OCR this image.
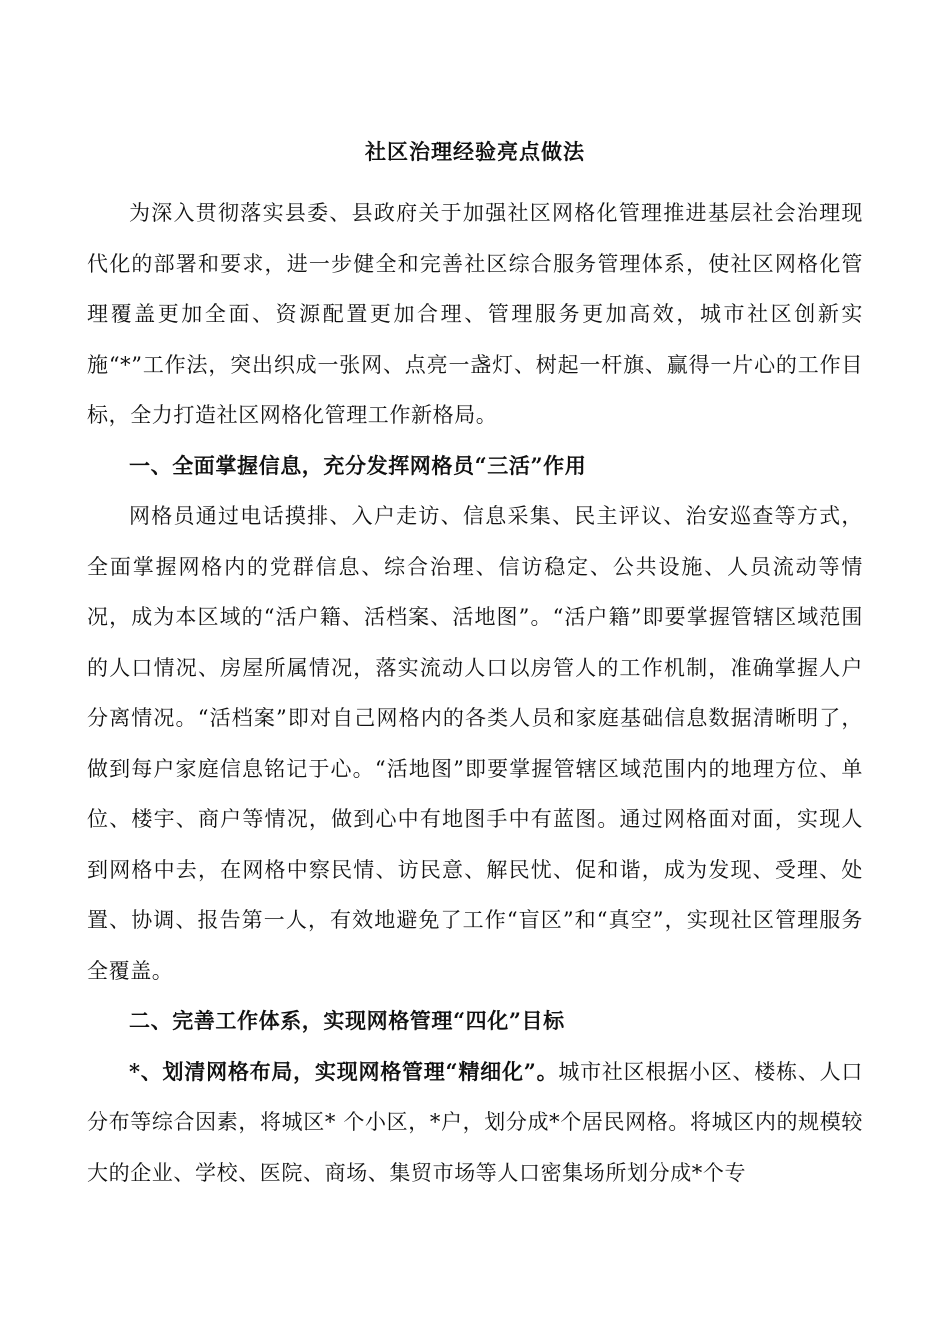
社区治理经验亮点做法

为深入贯彻落实县委、县政府关于加强社区网格化管理推进基层社会治理现代化的部署和要求，进一步健全和完善社区综合服务管理体系，使社区网格化管理覆盖更加全面、资源配置更加合理、管理服务更加高效，城市社区创新实施“*”工作法，突出织成一张网、点亮一盏灯、树起一杆旗、赢得一片心的工作目标，全力打造社区网格化管理工作新格局。

一、全面掌握信息，充分发挥网格员“三活”作用

网格员通过电话摸排、入户走访、信息采集、民主评议、治安巡查等方式，全面掌握网格内的党群信息、综合治理、信访稳定、公共设施、人员流动等情况，成为本区域的“活户籍、活档案、活地图”。“活户籍”即要掌握管辖区域范围的人口情况、房屋所属情况，落实流动人口以房管人的工作机制，准确掌握人户分离情况。“活档案”即对自己网格内的各类人员和家庭基础信息数据清晰明了，做到每户家庭信息铭记于心。“活地图”即要掌握管辖区域范围内的地理方位、单位、楼宇、商户等情况，做到心中有地图手中有蓝图。通过网格面对面，实现人到网格中去，在网格中察民情、访民意、解民忧、促和谐，成为发现、受理、处置、协调、报告第一人，有效地避免了工作“盲区”和“真空”，实现社区管理服务全覆盖。

二、完善工作体系，实现网格管理“四化”目标

*、划清网格布局，实现网格管理“精细化”。城市社区根据小区、楼栋、人口分布等综合因素，将城区* 个小区，*户，划分成*个居民网格。将城区内的规模较大的企业、学校、医院、商场、集贸市场等人口密集场所划分成*个专
